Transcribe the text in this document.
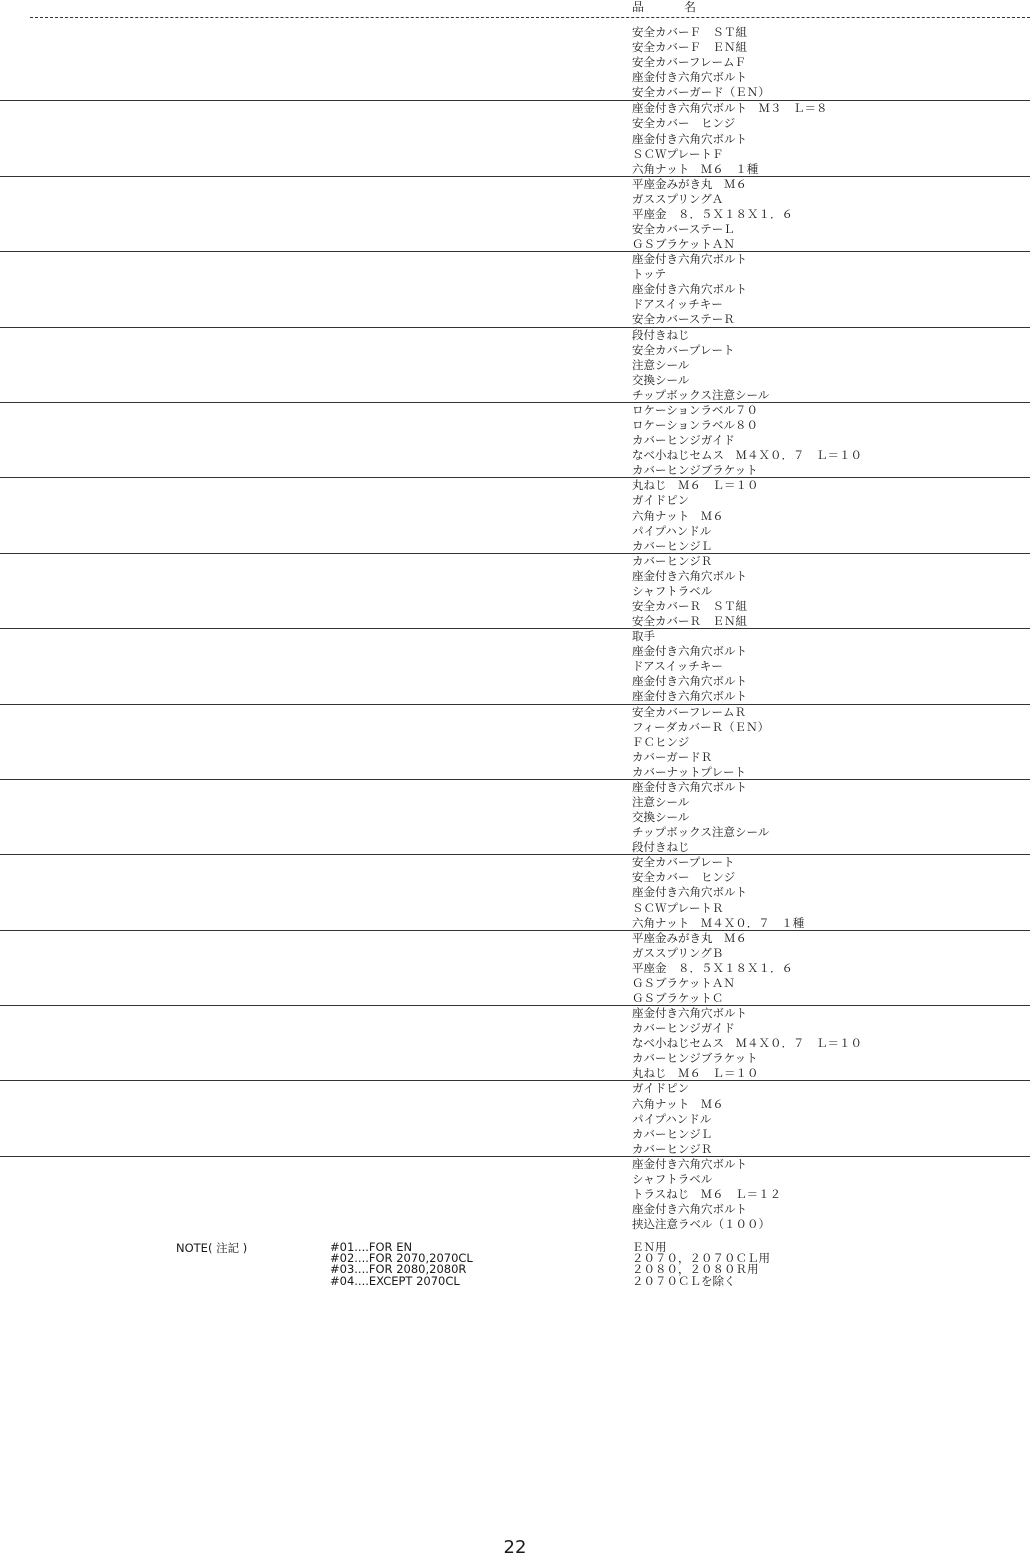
品　名
安全カバーＦ　ＳＴ組
安全カバーＦ　ＥＮ組
安全カバーフレームＦ
座金付き六角穴ボルト
安全カバーガード（ＥＮ）
座金付き六角穴ボルト　Ｍ３　Ｌ＝８
安全カバー　ヒンジ
座金付き六角穴ボルト
ＳＣＷプレートＦ
六角ナット　Ｍ６　１種
平座金みがき丸　Ｍ６
ガススプリングＡ
平座金　８．５Ｘ１８Ｘ１．６
安全カバーステーＬ
ＧＳブラケットＡＮ
座金付き六角穴ボルト
トッテ
座金付き六角穴ボルト
ドアスイッチキー
安全カバーステーＲ
段付きねじ
安全カバープレート
注意シール
交換シール
チップボックス注意シール
ロケーションラベル７０
ロケーションラベル８０
カバーヒンジガイド
なべ小ねじセムス　Ｍ４Ｘ０．７　Ｌ＝１０
カバーヒンジブラケット
丸ねじ　Ｍ６　Ｌ＝１０
ガイドピン
六角ナット　Ｍ６
パイプハンドル
カバーヒンジＬ
カバーヒンジＲ
座金付き六角穴ボルト
シャフトラベル
安全カバーＲ　ＳＴ組
安全カバーＲ　ＥＮ組
取手
座金付き六角穴ボルト
ドアスイッチキー
座金付き六角穴ボルト
座金付き六角穴ボルト
安全カバーフレームＲ
フィーダカバーＲ（ＥＮ）
ＦＣヒンジ
カバーガードＲ
カバーナットプレート
座金付き六角穴ボルト
注意シール
交換シール
チップボックス注意シール
段付きねじ
安全カバープレート
安全カバー　ヒンジ
座金付き六角穴ボルト
ＳＣＷプレートＲ
六角ナット　Ｍ４Ｘ０．７　１種
平座金みがき丸　Ｍ６
ガススプリングＢ
平座金　８．５Ｘ１８Ｘ１．６
ＧＳブラケットＡＮ
ＧＳブラケットＣ
座金付き六角穴ボルト
カバーヒンジガイド
なべ小ねじセムス　Ｍ４Ｘ０．７　Ｌ＝１０
カバーヒンジブラケット
丸ねじ　Ｍ６　Ｌ＝１０
ガイドピン
六角ナット　Ｍ６
パイプハンドル
カバーヒンジＬ
カバーヒンジＲ
座金付き六角穴ボルト
シャフトラベル
トラスねじ　Ｍ６　Ｌ＝１２
座金付き六角穴ボルト
挟込注意ラベル（１００）
NOTE( 注記 )	#01....FOR EN
#02....FOR 2070,2070CL
#03....FOR 2080,2080R
#04....EXCEPT 2070CL
ＥＮ用
２０７０，２０７０ＣＬ用
２０８０，２０８０Ｒ用
２０７０ＣＬを除く
22
